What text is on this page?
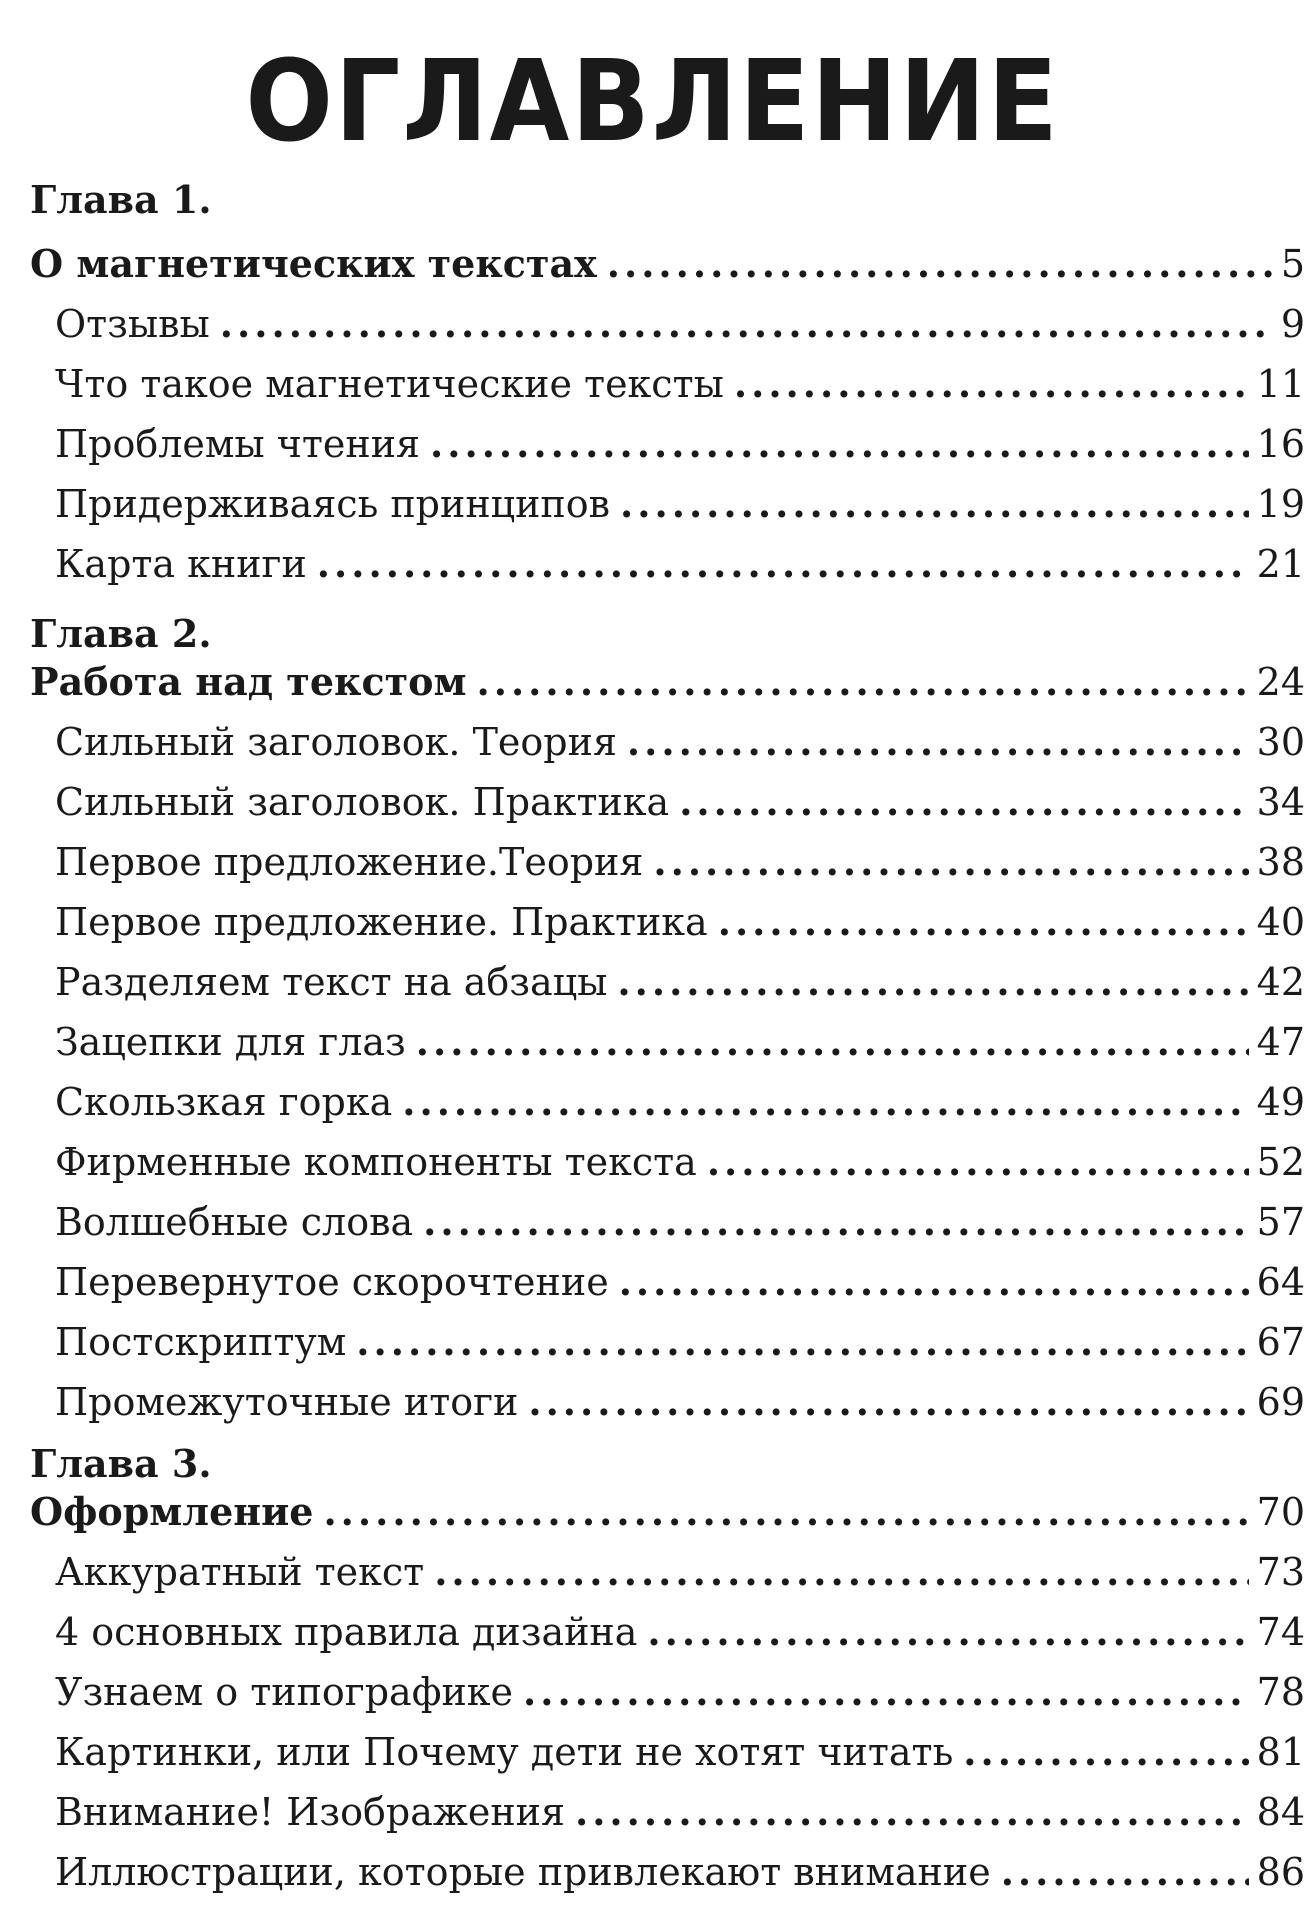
ОГЛАВЛЕНИЕ
Глава 1.
О магнетических текстах .....	5
Отзывы .....	9
Что такое магнетические тексты .....	11
Проблемы чтения .....	16
Придерживаясь принципов .....	19
Карта книги .....	21
Глава 2.
Работа над текстом .....	24
Сильный заголовок. Теория .....	30
Сильный заголовок. Практика .....	34
Первое предложение.Теория .....	38
Первое предложение. Практика .....	40
Разделяем текст на абзацы .....	42
Зацепки для глаз .....	47
Скользкая горка .....	49
Фирменные компоненты текста .....	52
Волшебные слова .....	57
Перевернутое скорочтение .....	64
Постскриптум .....	67
Промежуточные итоги .....	69
Глава 3.
Оформление .....	70
Аккуратный текст .....	73
4 основных правила дизайна .....	74
Узнаем о типографике .....	78
Картинки, или Почему дети не хотят читать .....	81
Внимание! Изображения .....	84
Иллюстрации, которые привлекают внимание .....	86
